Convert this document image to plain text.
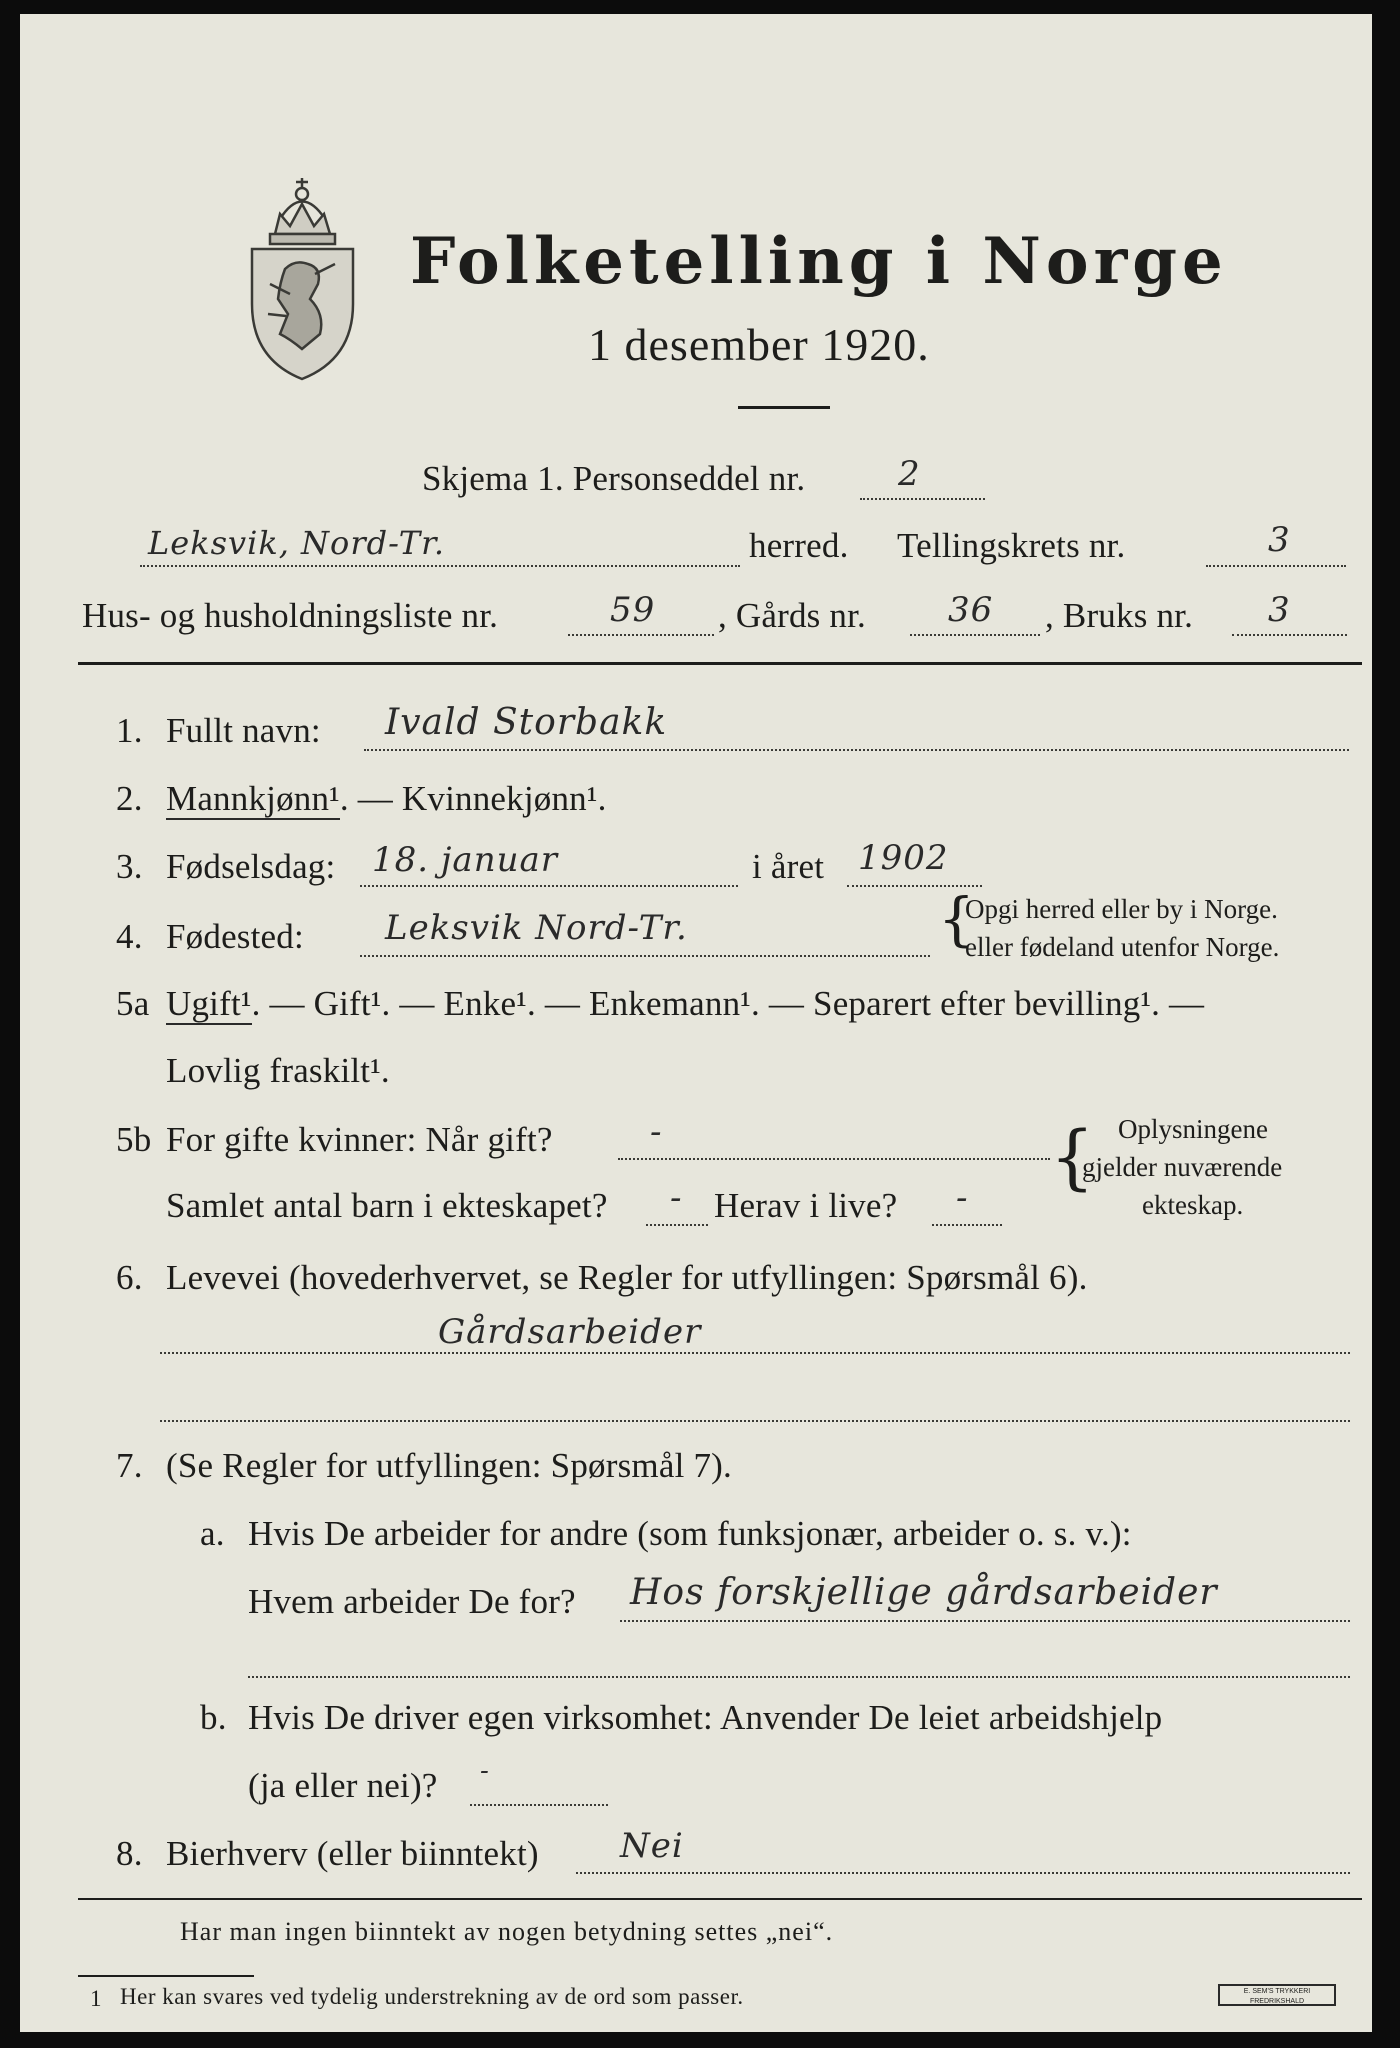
Folketelling i Norge
1 desember 1920.
Skjema 1. Personseddel nr.	2
Leksvik, Nord-Tr.	herred. Tellingskrets nr.	3
Hus- og husholdningsliste nr.	59 , Gårds nr. 36 , Bruks nr. 3
1. Fullt navn: Ivald Storbakk
2. Mannkjønn¹. — Kvinnekjønn¹.
3. Fødselsdag: 18. januar	i året 1902
4. Fødested: Leksvik Nord-Tr.	{
Opgi herred eller by i Norge.
eller fødeland utenfor Norge.
5a Ugift¹. — Gift¹. — Enke¹. — Enkemann¹. — Separert efter bevilling¹. —
Lovlig fraskilt¹.
5b For gifte kvinner: Når gift?	-
Samlet antal barn i ekteskapet? - Herav i live? - { Oplysningene
gjelder nuværende
ekteskap.
6. Levevei (hovederhvervet, se Regler for utfyllingen: Spørsmål 6).
Gårdsarbeider
7. (Se Regler for utfyllingen: Spørsmål 7).
a. Hvis De arbeider for andre (som funksjonær, arbeider o. s. v.):
Hvem arbeider De for? Hos forskjellige gårdsarbeider
b. Hvis De driver egen virksomhet: Anvender De leiet arbeidshjelp
(ja eller nei)? -
8. Bierhverv (eller biinntekt) Nei
Har man ingen biinntekt av nogen betydning settes „nei“.
1 Her kan svares ved tydelig understrekning av de ord som passer.	E. SEM'S TRYKKERI FREDRIKSHALD
